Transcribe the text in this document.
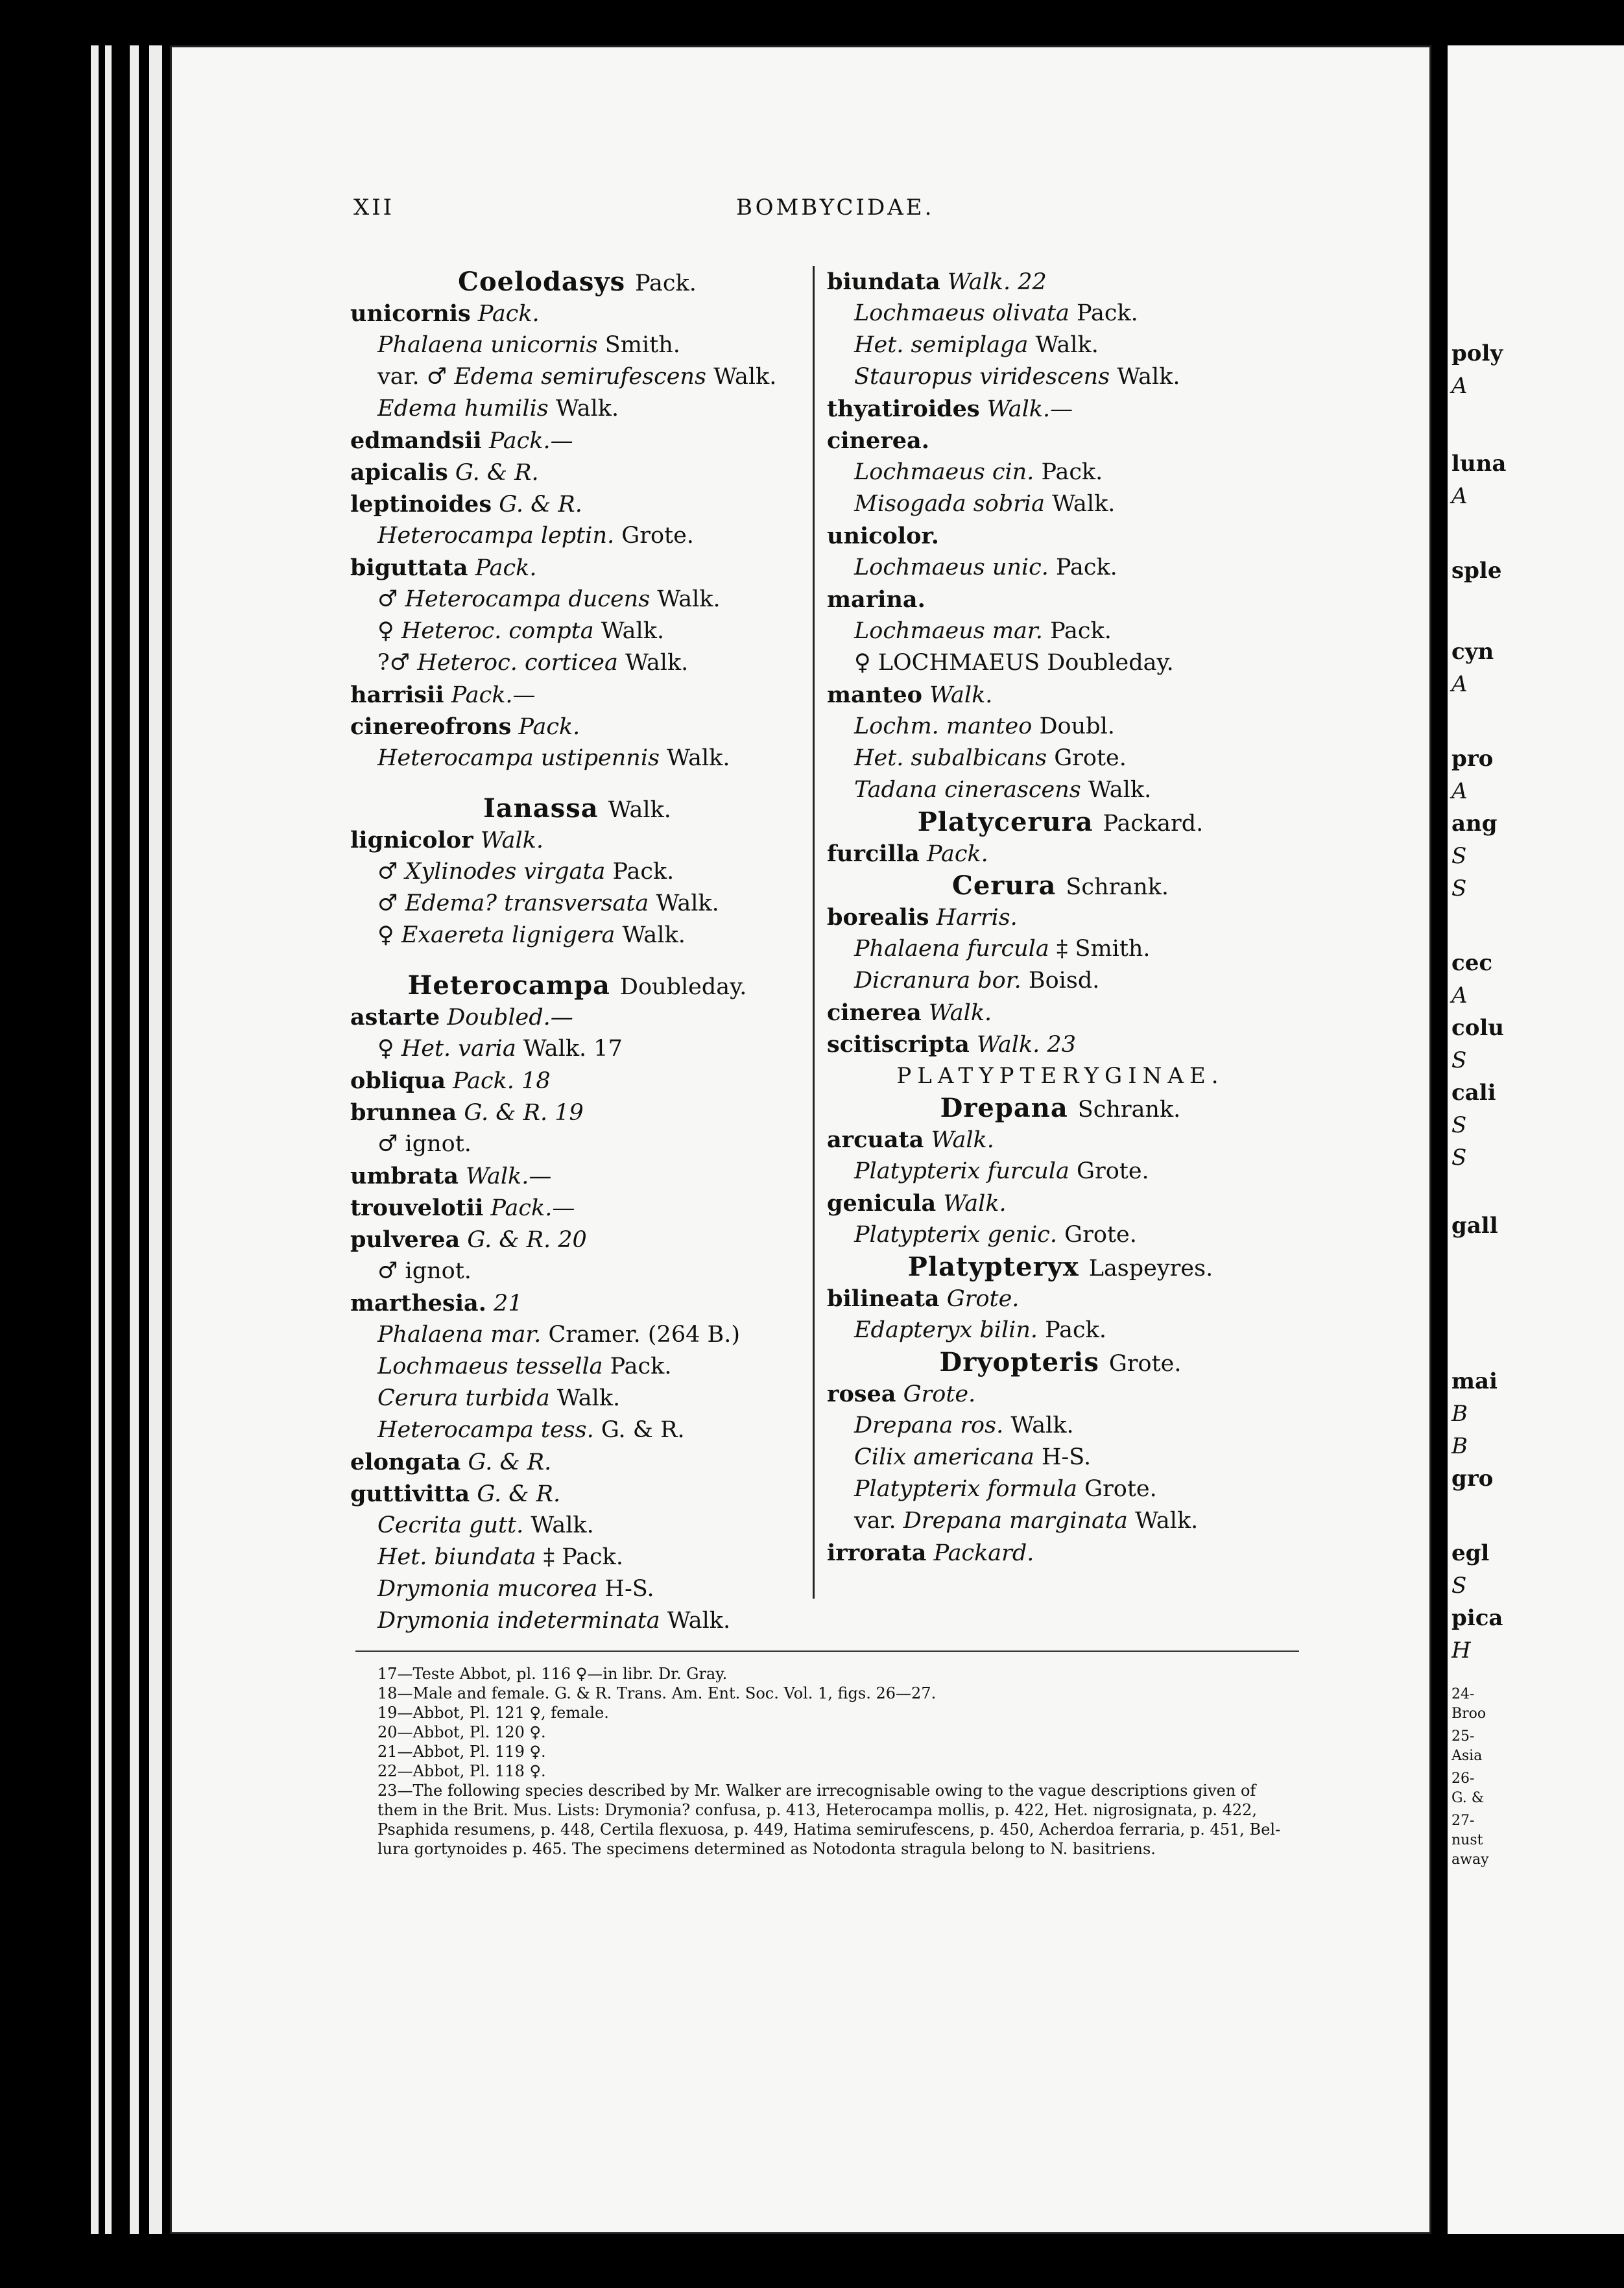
XII	BOMBYCIDAE.
Coelodasys Pack.
unicornis Pack.
Phalaena unicornis Smith.
var. ♂ Edema semirufescens Walk.
Edema humilis Walk.
edmandsii Pack.—
apicalis G. & R.
leptinoides G. & R.
Heterocampa leptin. Grote.
biguttata Pack.
♂ Heterocampa ducens Walk.
♀ Heteroc. compta Walk.
?♂ Heteroc. corticea Walk.
harrisii Pack.—
cinereofrons Pack.
Heterocampa ustipennis Walk.
Ianassa Walk.
lignicolor Walk.
♂ Xylinodes virgata Pack.
♂ Edema? transversata Walk.
♀ Exaereta lignigera Walk.
Heterocampa Doubleday.
astarte Doubled.—
♀ Het. varia Walk. 17
obliqua Pack. 18
brunnea G. & R. 19
♂ ignot.
umbrata Walk.—
trouvelotii Pack.—
pulverea G. & R. 20
♂ ignot.
marthesia. 21
Phalaena mar. Cramer. (264 B.)
Lochmaeus tessella Pack.
Cerura turbida Walk.
Heterocampa tess. G. & R.
elongata G. & R.
guttivitta G. & R.
Cecrita gutt. Walk.
Het. biundata ‡ Pack.
Drymonia mucorea H-S.
Drymonia indeterminata Walk.
biundata Walk. 22
Lochmaeus olivata Pack.
Het. semiplaga Walk.
Stauropus viridescens Walk.
thyatiroides Walk.—
cinerea.
Lochmaeus cin. Pack.
Misogada sobria Walk.
unicolor.
Lochmaeus unic. Pack.
marina.
Lochmaeus mar. Pack.
♀ LOCHMAEUS Doubleday.
manteo Walk.
Lochm. manteo Doubl.
Het. subalbicans Grote.
Tadana cinerascens Walk.
Platycerura Packard.
furcilla Pack.
Cerura Schrank.
borealis Harris.
Phalaena furcula ‡ Smith.
Dicranura bor. Boisd.
cinerea Walk.
scitiscripta Walk. 23
PLATYPTERYGINAE.
Drepana Schrank.
arcuata Walk.
Platypterix furcula Grote.
genicula Walk.
Platypterix genic. Grote.
Platypteryx Laspeyres.
bilineata Grote.
Edapteryx bilin. Pack.
Dryopteris Grote.
rosea Grote.
Drepana ros. Walk.
Cilix americana H-S.
Platypterix formula Grote.
var. Drepana marginata Walk.
irrorata Packard.
17—Teste Abbot, pl. 116 ♀—in libr. Dr. Gray.
18—Male and female. G. & R. Trans. Am. Ent. Soc. Vol. 1, figs. 26—27.
19—Abbot, Pl. 121 ♀, female.
20—Abbot, Pl. 120 ♀.
21—Abbot, Pl. 119 ♀.
22—Abbot, Pl. 118 ♀.
23—The following species described by Mr. Walker are irrecognisable owing to the vague descriptions given of
them in the Brit. Mus. Lists: Drymonia? confusa, p. 413, Heterocampa mollis, p. 422, Het. nigrosignata, p. 422,
Psaphida resumens, p. 448, Certila flexuosa, p. 449, Hatima semirufescens, p. 450, Acherdoa ferraria, p. 451, Bel-
lura gortynoides p. 465. The specimens determined as Notodonta stragula belong to N. basitriens.
poly
A
luna
A
sple
cyn
A
pro
A
ang
S
S
cec
A
colu
S
cali
S
S
gall
mai
B
B
gro
egl
S
pica
H
24-
Broo
25-
Asia
26-
G. &
27-
nust
away
